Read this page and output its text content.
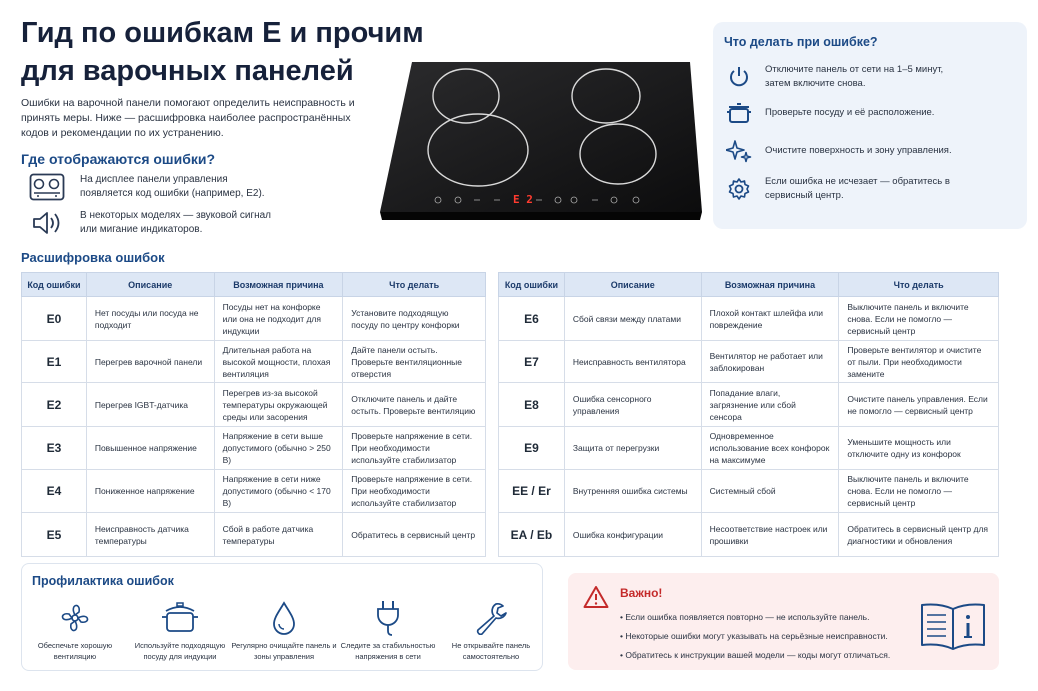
Гид по ошибкам Е и прочим
для варочных панелей

Ошибки на варочной панели помогают определить неисправность и принять меры. Ниже — расшифровка наиболее распространённых кодов и рекомендации по их устранению.

Где отображаются ошибки?
На дисплее панели управления появляется код ошибки (например, E2).
В некоторых моделях — звуковой сигнал или мигание индикаторов.
E 2
Что делать при ошибке?
Отключите панель от сети на 1–5 минут, затем включите снова.
Проверьте посуду и её расположение.
Очистите поверхность и зону управления.
Если ошибка не исчезает — обратитесь в сервисный центр.
Расшифровка ошибок
Код ошибки	Описание	Возможная причина	Что делать
E0	Нет посуды или посуда не подходит	Посуды нет на конфорке или она не подходит для индукции	Установите подходящую посуду по центру конфорки
E1	Перегрев варочной панели	Длительная работа на высокой мощности, плохая вентиляция	Дайте панели остыть. Проверьте вентиляционные отверстия
E2	Перегрев IGBT-датчика	Перегрев из-за высокой температуры окружающей среды или засорения	Отключите панель и дайте остыть. Проверьте вентиляцию
E3	Повышенное напряжение	Напряжение в сети выше допустимого (обычно > 250 В)	Проверьте напряжение в сети. При необходимости используйте стабилизатор
E4	Пониженное напряжение	Напряжение в сети ниже допустимого (обычно < 170 В)	Проверьте напряжение в сети. При необходимости используйте стабилизатор
E5	Неисправность датчика температуры	Сбой в работе датчика температуры	Обратитесь в сервисный центр
Код ошибки	Описание	Возможная причина	Что делать
E6	Сбой связи между платами	Плохой контакт шлейфа или повреждение	Выключите панель и включите снова. Если не помогло — сервисный центр
E7	Неисправность вентилятора	Вентилятор не работает или заблокирован	Проверьте вентилятор и очистите от пыли. При необходимости замените
E8	Ошибка сенсорного управления	Попадание влаги, загрязнение или сбой сенсора	Очистите панель управления. Если не помогло — сервисный центр
E9	Защита от перегрузки	Одновременное использование всех конфорок на максимуме	Уменьшите мощность или отключите одну из конфорок
EE / Er	Внутренняя ошибка системы	Системный сбой	Выключите панель и включите снова. Если не помогло — сервисный центр
EA / Eb	Ошибка конфигурации	Несоответствие настроек или прошивки	Обратитесь в сервисный центр для диагностики и обновления
Профилактика ошибок
Обеспечьте хорошую вентиляцию
Используйте подходящую посуду для индукции
Регулярно очищайте панель и зоны управления
Следите за стабильностью напряжения в сети
Не открывайте панель самостоятельно
Важно!
• Если ошибка появляется повторно — не используйте панель.
• Некоторые ошибки могут указывать на серьёзные неисправности.
• Обратитесь к инструкции вашей модели — коды могут отличаться.
